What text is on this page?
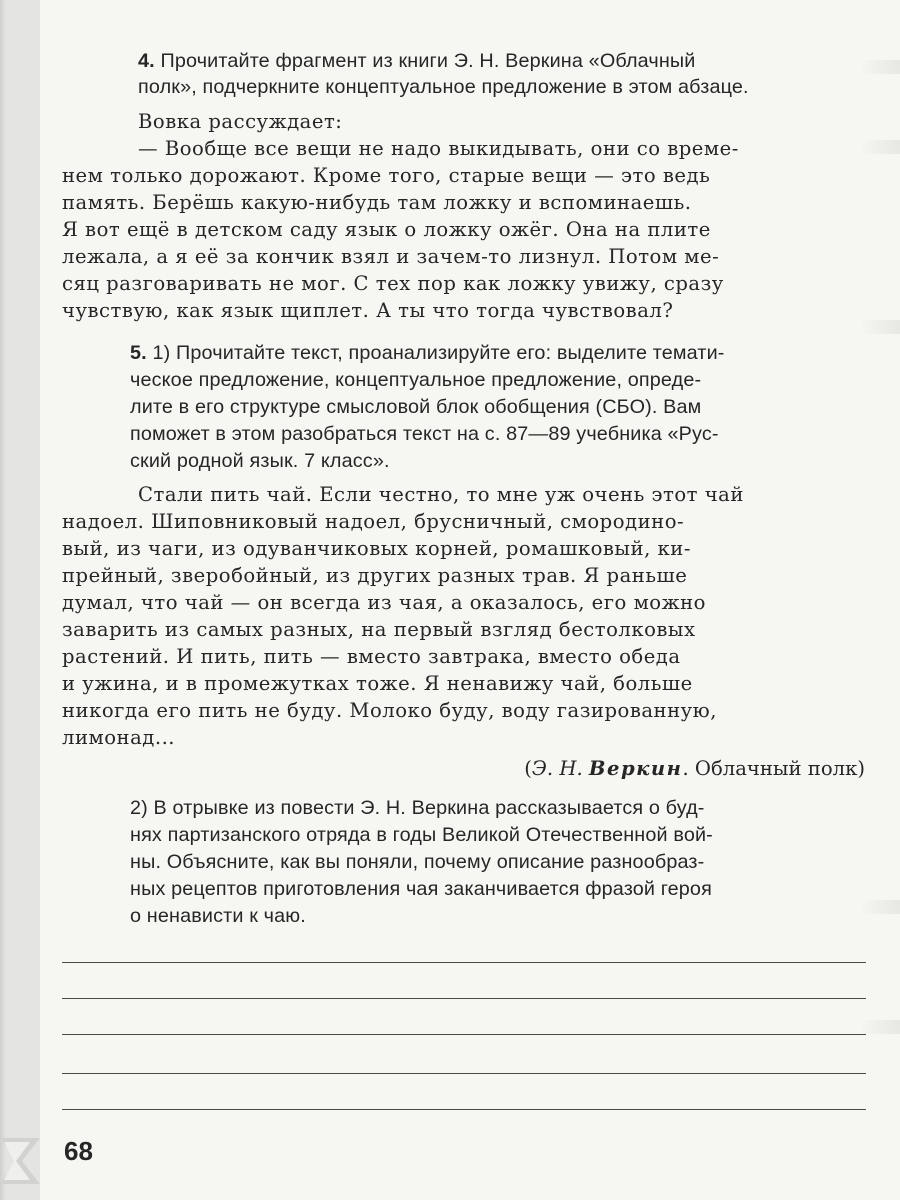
4. Прочитайте фрагмент из книги Э. Н. Веркина «Облачный
полк», подчеркните концептуальное предложение в этом абзаце.
Вовка рассуждает:
— Вообще все вещи не надо выкидывать, они со време-
нем только дорожают. Кроме того, старые вещи — это ведь
память. Берёшь какую-нибудь там ложку и вспоминаешь.
Я вот ещё в детском саду язык о ложку ожёг. Она на плите
лежала, а я её за кончик взял и зачем-то лизнул. Потом ме-
сяц разговаривать не мог. С тех пор как ложку увижу, сразу
чувствую, как язык щиплет. А ты что тогда чувствовал?
5. 1) Прочитайте текст, проанализируйте его: выделите темати-
ческое предложение, концептуальное предложение, опреде-
лите в его структуре смысловой блок обобщения (СБО). Вам
поможет в этом разобраться текст на с. 87—89 учебника «Рус-
ский родной язык. 7 класс».
Стали пить чай. Если честно, то мне уж очень этот чай
надоел. Шиповниковый надоел, брусничный, смородино-
вый, из чаги, из одуванчиковых корней, ромашковый, ки-
прейный, зверобойный, из других разных трав. Я раньше
думал, что чай — он всегда из чая, а оказалось, его можно
заварить из самых разных, на первый взгляд бестолковых
растений. И пить, пить — вместо завтрака, вместо обеда
и ужина, и в промежутках тоже. Я ненавижу чай, больше
никогда его пить не буду. Молоко буду, воду газированную,
лимонад...
(Э. Н. Веркин. Облачный полк)
2) В отрывке из повести Э. Н. Веркина рассказывается о буд-
нях партизанского отряда в годы Великой Отечественной вой-
ны. Объясните, как вы поняли, почему описание разнообраз-
ных рецептов приготовления чая заканчивается фразой героя
о ненависти к чаю.
68
